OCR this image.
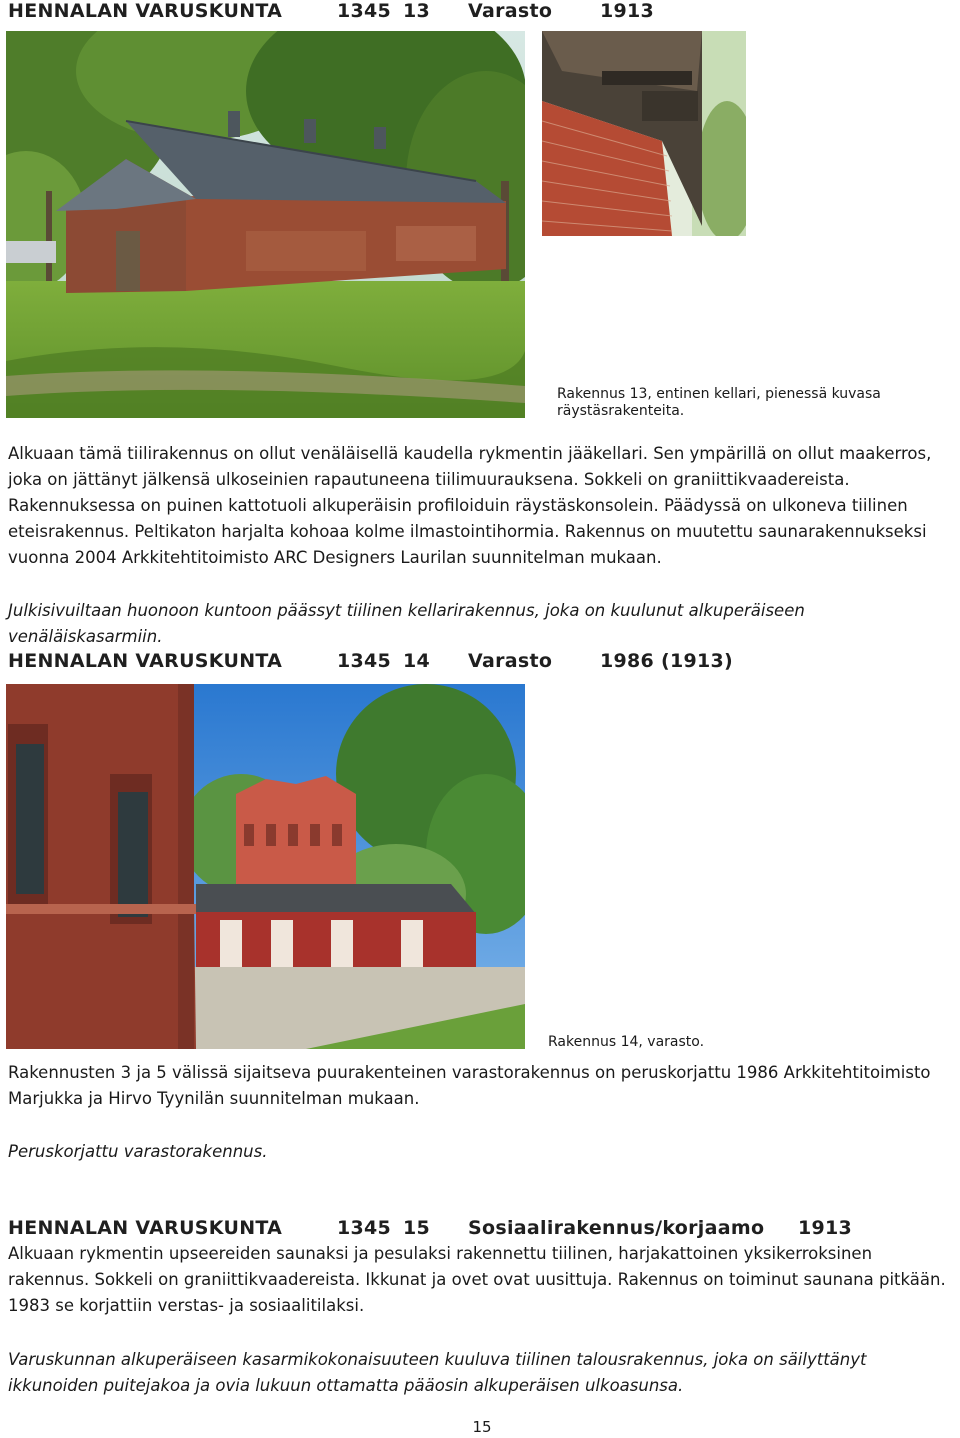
HENNALAN VARUSKUNTA	1345 13 Varasto	1913
Rakennus 13, entinen kellari, pienessä kuvasa räystäsrakenteita.

Alkuaan tämä tiilirakennus on ollut venäläisellä kaudella rykmentin jääkellari. Sen ympärillä on ollut maakerros, joka on jättänyt jälkensä ulkoseinien rapautuneena tiilimuurauksena. Sokkeli on graniittikvaadereista. Rakennuksessa on puinen kattotuoli alkuperäisin profiloiduin räystäskonsolein. Päädyssä on ulkoneva tiilinen eteisrakennus. Peltikaton harjalta kohoaa kolme ilmastointihormia. Rakennus on muutettu saunarakennukseksi vuonna 2004 Arkkitehtitoimisto ARC Designers Laurilan suunnitelman mukaan.

Julkisivuiltaan huonoon kuntoon päässyt tiilinen kellarirakennus, joka on kuulunut alkuperäiseen venäläiskasarmiin.

HENNALAN VARUSKUNTA	1345 14 Varasto	1986 (1913)
Rakennus 14, varasto.

Rakennusten 3 ja 5 välissä sijaitseva puurakenteinen varastorakennus on peruskorjattu 1986 Arkkitehtitoimisto Marjukka ja Hirvo Tyynilän suunnitelman mukaan.

Peruskorjattu varastorakennus.

HENNALAN VARUSKUNTA	1345 15 Sosiaalirakennus/korjaamo 1913

Alkuaan rykmentin upseereiden saunaksi ja pesulaksi rakennettu tiilinen, harjakattoinen yksikerroksinen rakennus. Sokkeli on graniittikvaadereista. Ikkunat ja ovet ovat uusittuja. Rakennus on toiminut saunana pitkään. 1983 se korjattiin verstas- ja sosiaalitilaksi.

Varuskunnan alkuperäiseen kasarmikokonaisuuteen kuuluva tiilinen talousrakennus, joka on säilyttänyt ikkunoiden puitejakoa ja ovia lukuun ottamatta pääosin alkuperäisen ulkoasunsa.

15
